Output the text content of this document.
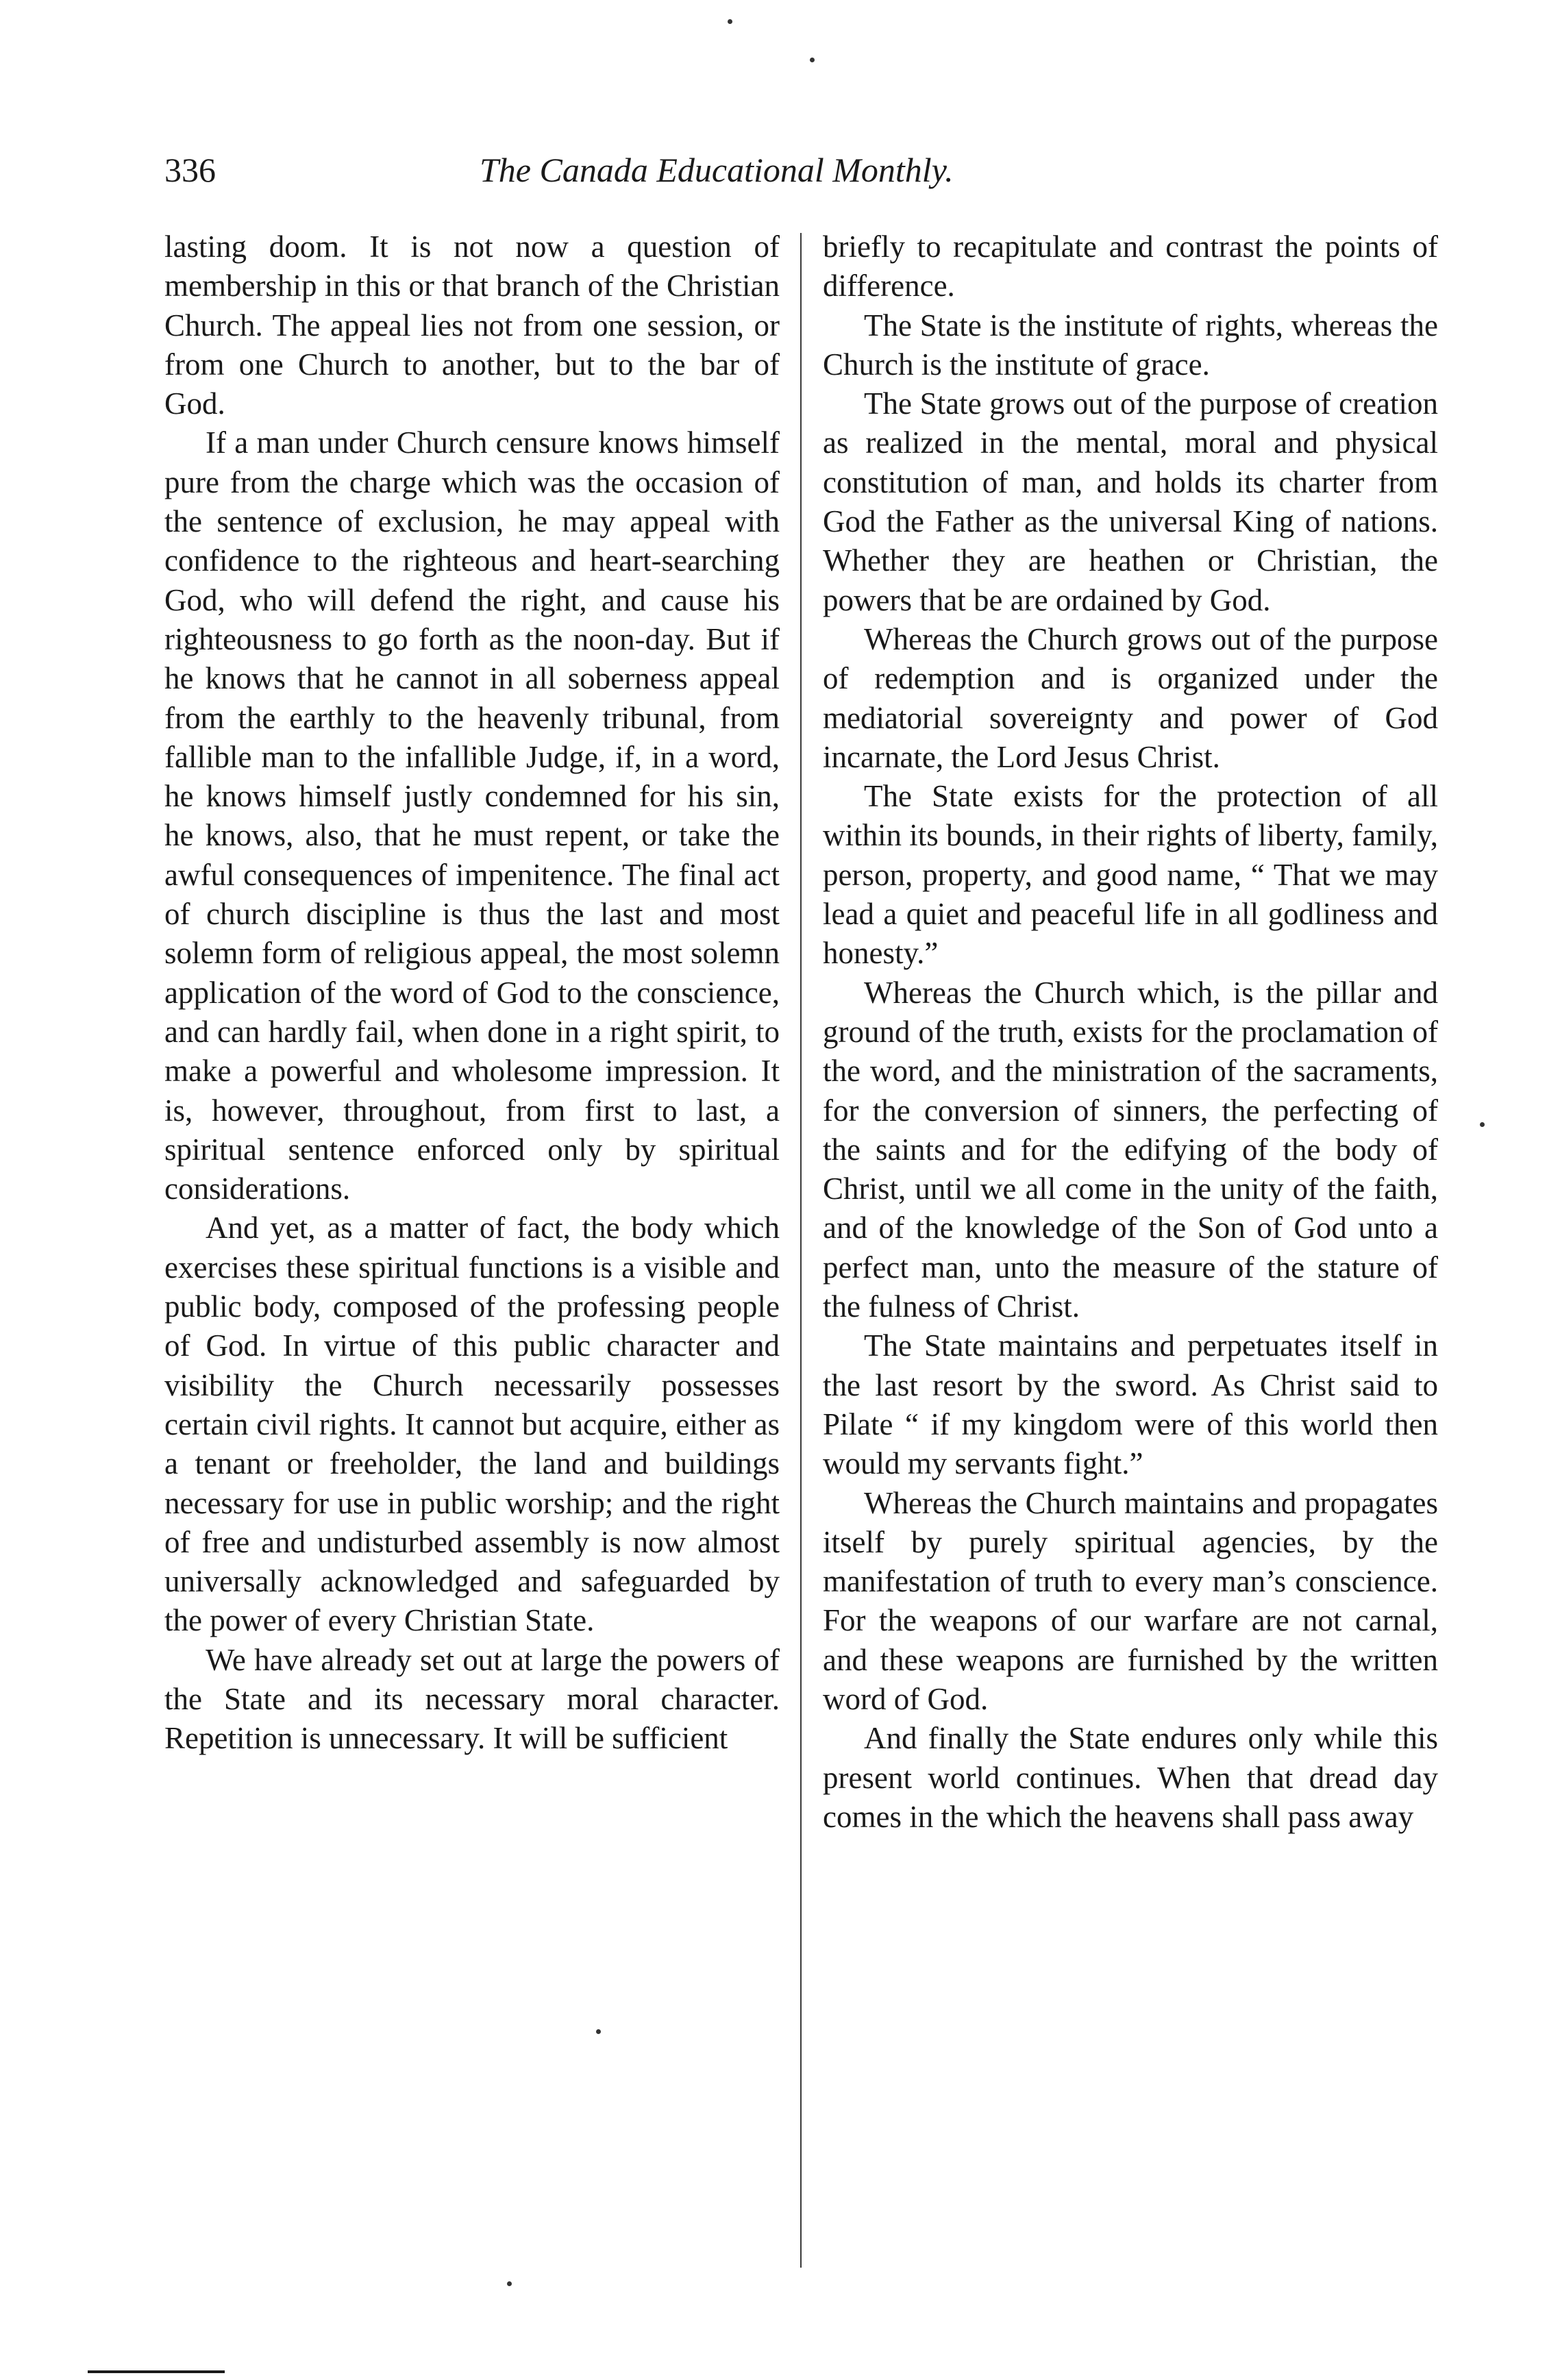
336	The Canada Educational Monthly.

lasting doom. It is not now a question of membership in this or that branch of the Christian Church. The appeal lies not from one session, or from one Church to another, but to the bar of God.

If a man under Church censure knows himself pure from the charge which was the occasion of the sentence of exclusion, he may appeal with confidence to the righteous and heart-searching God, who will defend the right, and cause his righteousness to go forth as the noon-day. But if he knows that he cannot in all soberness appeal from the earthly to the heavenly tribunal, from fallible man to the infallible Judge, if, in a word, he knows himself justly condemned for his sin, he knows, also, that he must repent, or take the awful consequences of impenitence. The final act of church discipline is thus the last and most solemn form of religious appeal, the most solemn application of the word of God to the conscience, and can hardly fail, when done in a right spirit, to make a powerful and wholesome impression. It is, however, throughout, from first to last, a spiritual sentence enforced only by spiritual considerations.

And yet, as a matter of fact, the body which exercises these spiritual functions is a visible and public body, composed of the professing people of God. In virtue of this public character and visibility the Church necessarily possesses certain civil rights. It cannot but acquire, either as a tenant or freeholder, the land and buildings necessary for use in public worship; and the right of free and undisturbed assembly is now almost universally acknowledged and safeguarded by the power of every Christian State.

We have already set out at large the powers of the State and its necessary moral character. Repetition is unnecessary. It will be sufficient

briefly to recapitulate and contrast the points of difference.

The State is the institute of rights, whereas the Church is the institute of grace.

The State grows out of the purpose of creation as realized in the mental, moral and physical constitution of man, and holds its charter from God the Father as the universal King of nations. Whether they are heathen or Christian, the powers that be are ordained by God.

Whereas the Church grows out of the purpose of redemption and is organized under the mediatorial sovereignty and power of God incarnate, the Lord Jesus Christ.

The State exists for the protection of all within its bounds, in their rights of liberty, family, person, property, and good name, “ That we may lead a quiet and peaceful life in all godliness and honesty.”

Whereas the Church which, is the pillar and ground of the truth, exists for the proclamation of the word, and the ministration of the sacraments, for the conversion of sinners, the perfecting of the saints and for the edifying of the body of Christ, until we all come in the unity of the faith, and of the knowledge of the Son of God unto a perfect man, unto the measure of the stature of the fulness of Christ.

The State maintains and perpetuates itself in the last resort by the sword. As Christ said to Pilate “ if my kingdom were of this world then would my servants fight.”

Whereas the Church maintains and propagates itself by purely spiritual agencies, by the manifestation of truth to every man’s conscience. For the weapons of our warfare are not carnal, and these weapons are furnished by the written word of God.

And finally the State endures only while this present world continues. When that dread day comes in the which the heavens shall pass away
